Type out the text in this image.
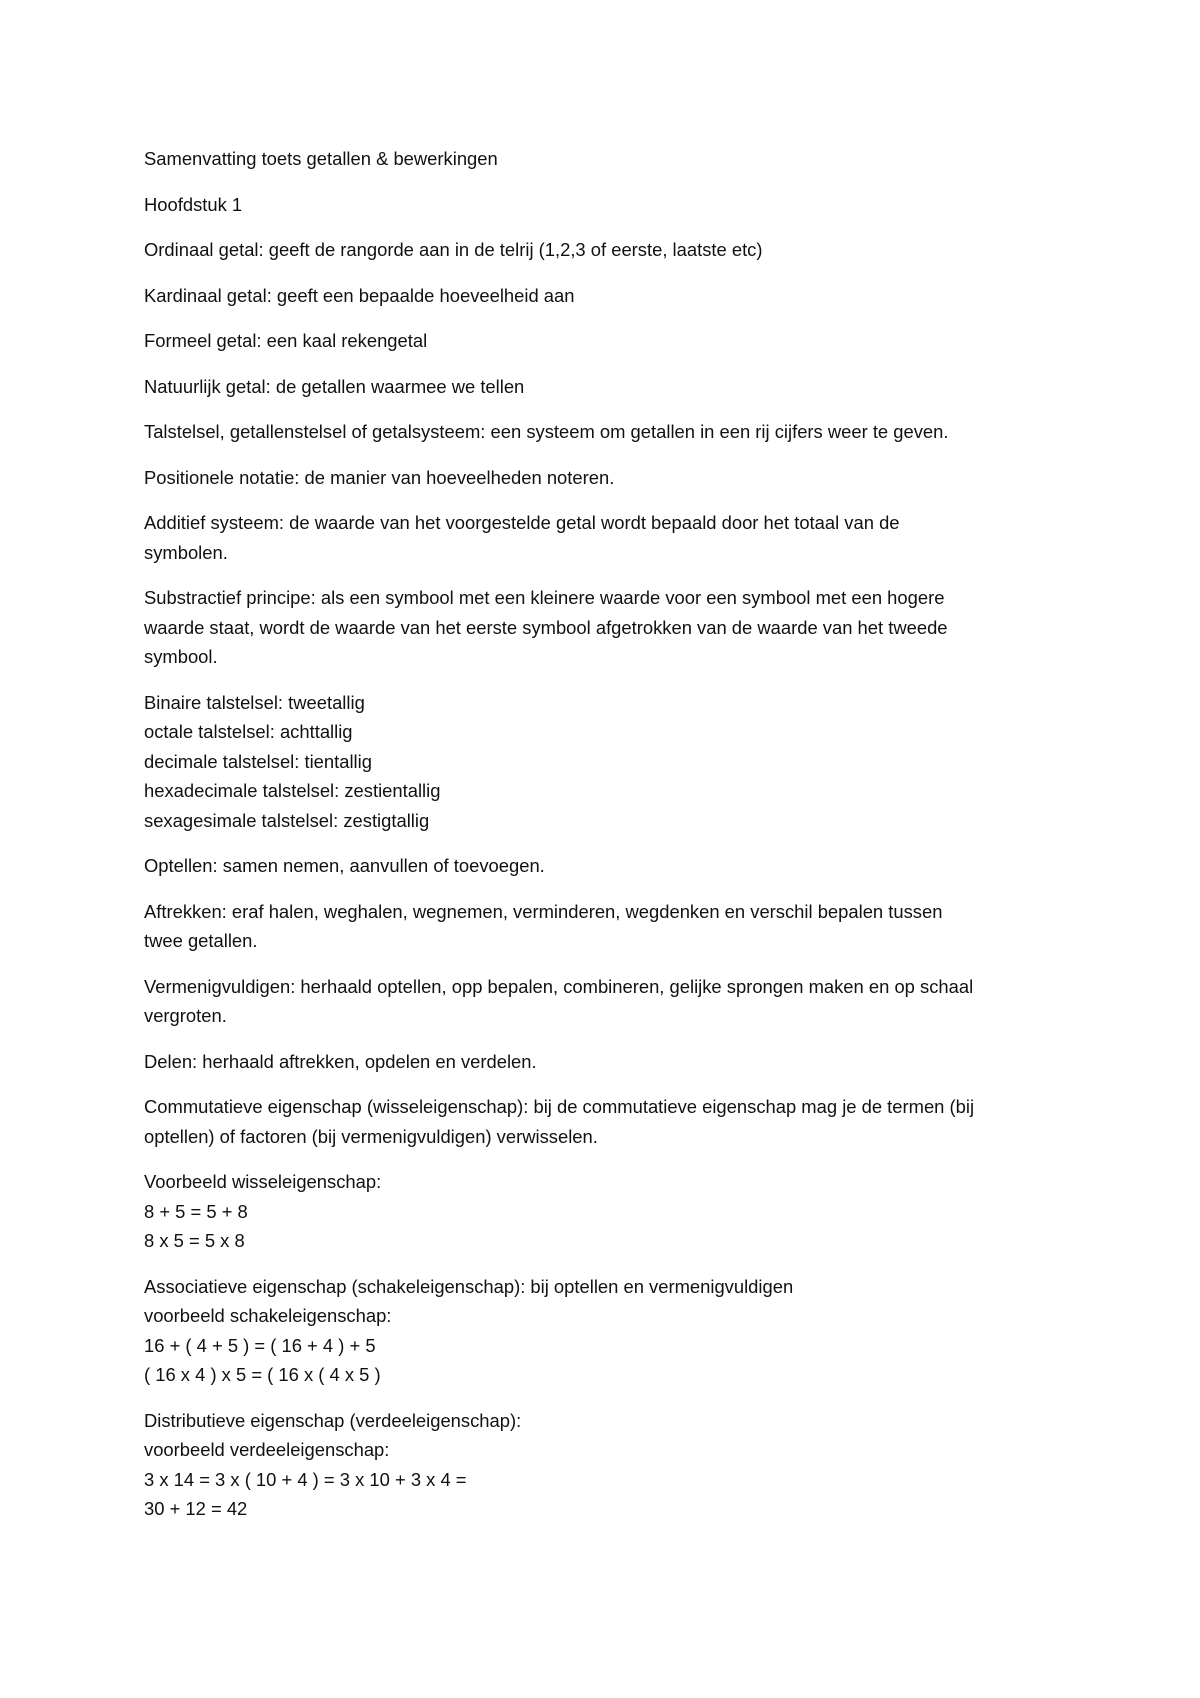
Samenvatting toets getallen & bewerkingen
Hoofdstuk 1
Ordinaal getal: geeft de rangorde aan in de telrij (1,2,3 of eerste, laatste etc)
Kardinaal getal: geeft een bepaalde hoeveelheid aan
Formeel getal: een kaal rekengetal
Natuurlijk getal: de getallen waarmee we tellen
Talstelsel, getallenstelsel of getalsysteem: een systeem om getallen in een rij cijfers weer te geven.
Positionele notatie: de manier van hoeveelheden noteren.
Additief systeem: de waarde van het voorgestelde getal wordt bepaald door het totaal van de
symbolen.
Substractief principe: als een symbool met een kleinere waarde voor een symbool met een hogere
waarde staat, wordt de waarde van het eerste symbool afgetrokken van de waarde van het tweede
symbool.
Binaire talstelsel: tweetallig
octale talstelsel: achttallig
decimale talstelsel: tientallig
hexadecimale talstelsel: zestientallig
sexagesimale talstelsel: zestigtallig
Optellen: samen nemen, aanvullen of toevoegen.
Aftrekken: eraf halen, weghalen, wegnemen, verminderen, wegdenken en verschil bepalen tussen
twee getallen.
Vermenigvuldigen: herhaald optellen, opp bepalen, combineren, gelijke sprongen maken en op schaal
vergroten.
Delen: herhaald aftrekken, opdelen en verdelen.
Commutatieve eigenschap (wisseleigenschap): bij de commutatieve eigenschap mag je de termen (bij
optellen) of factoren (bij vermenigvuldigen) verwisselen.
Voorbeeld wisseleigenschap:
8 + 5 = 5 + 8
8 x 5 = 5 x 8
Associatieve eigenschap (schakeleigenschap): bij optellen en vermenigvuldigen
voorbeeld schakeleigenschap:
16 + ( 4 + 5 ) = ( 16 + 4 ) + 5
( 16 x 4 ) x 5 = ( 16 x ( 4 x 5 )
Distributieve eigenschap (verdeeleigenschap):
voorbeeld verdeeleigenschap:
3 x 14 = 3 x ( 10 + 4 ) = 3 x 10 + 3 x 4 =
30 + 12 = 42
